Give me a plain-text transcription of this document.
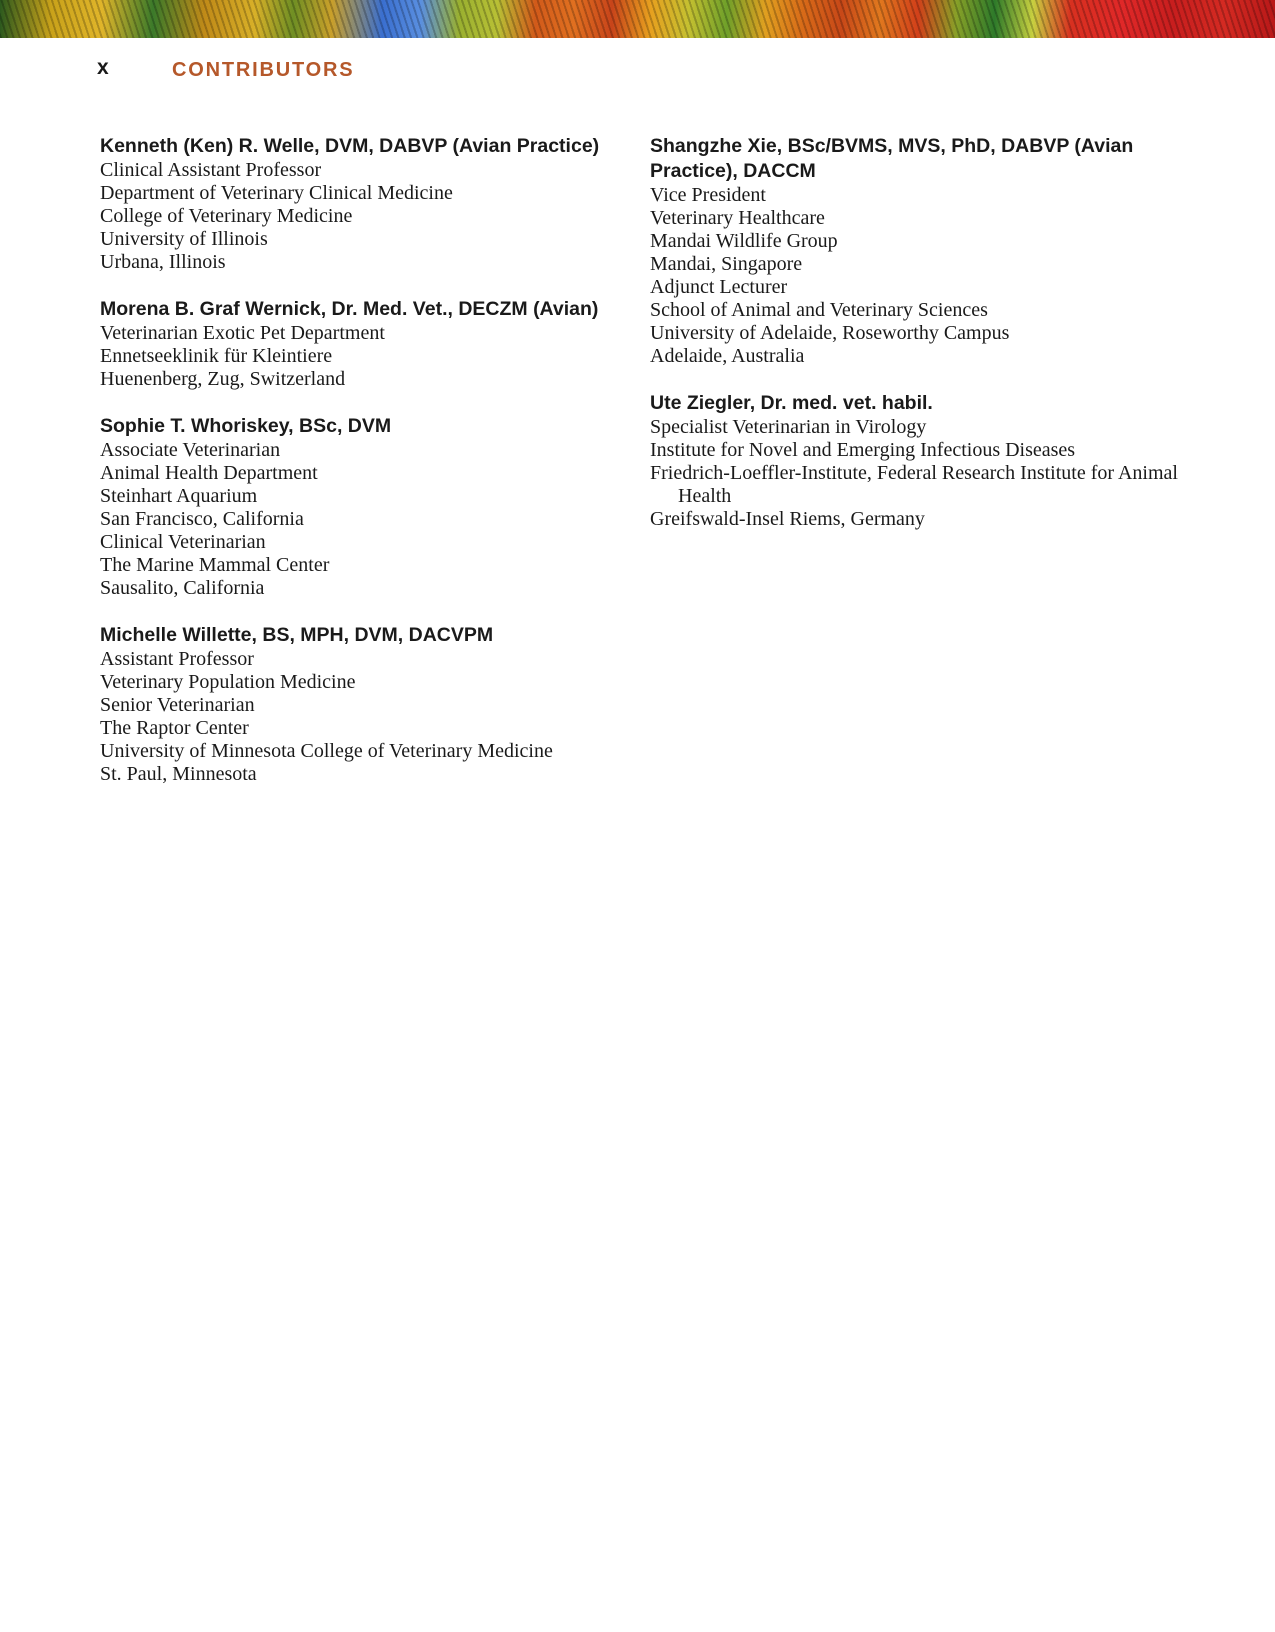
x	CONTRIBUTORS
Kenneth (Ken) R. Welle, DVM, DABVP (Avian Practice)

Clinical Assistant Professor

Department of Veterinary Clinical Medicine

College of Veterinary Medicine

University of Illinois

Urbana, Illinois

Morena B. Graf Wernick, Dr. Med. Vet., DECZM (Avian)

Veterinarian Exotic Pet Department

Ennetseeklinik für Kleintiere

Huenenberg, Zug, Switzerland

Sophie T. Whoriskey, BSc, DVM

Associate Veterinarian

Animal Health Department

Steinhart Aquarium

San Francisco, California

Clinical Veterinarian

The Marine Mammal Center

Sausalito, California

Michelle Willette, BS, MPH, DVM, DACVPM

Assistant Professor

Veterinary Population Medicine

Senior Veterinarian

The Raptor Center

University of Minnesota College of Veterinary Medicine

St. Paul, Minnesota

Shangzhe Xie, BSc/BVMS, MVS, PhD, DABVP (Avian Practice), DACCM

Vice President

Veterinary Healthcare

Mandai Wildlife Group

Mandai, Singapore

Adjunct Lecturer

School of Animal and Veterinary Sciences

University of Adelaide, Roseworthy Campus

Adelaide, Australia

Ute Ziegler, Dr. med. vet. habil.

Specialist Veterinarian in Virology

Institute for Novel and Emerging Infectious Diseases

Friedrich-Loeffler-Institute, Federal Research Institute for Animal Health

Greifswald-Insel Riems, Germany
